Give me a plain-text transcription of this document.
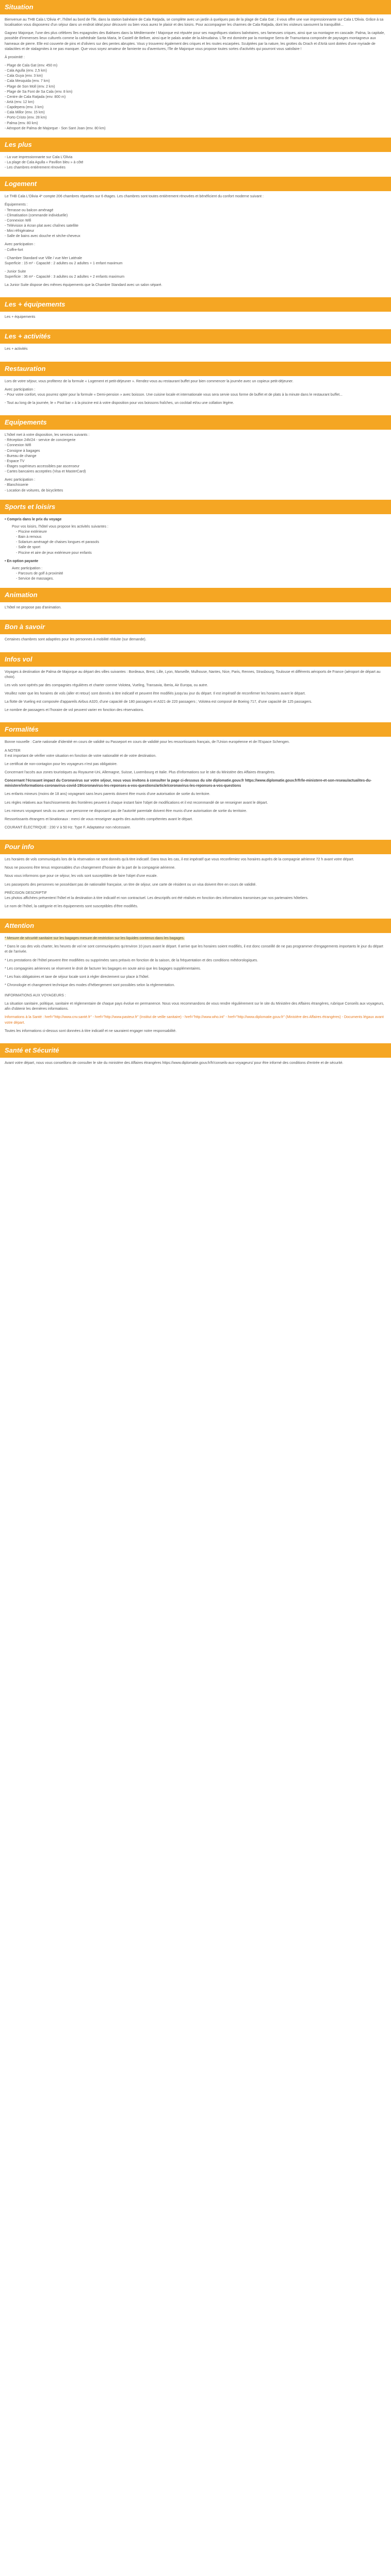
Situation

Bienvenue au THB Cala L'Olivia 4*, l'hôtel au bord de l'île, dans la station balnéaire de Cala Ratjada, se complète avec un jardin à quelques pas de la plage de Cala Gat ; il vous offre une vue impressionnante sur Cala L'Olivia. Grâce à sa localisation vous disposerez d'un séjour dans un endroit idéal pour découvrir ou bien vous aurez le plaisir et des loisirs. Pour accompagner les charmes de Cala Ratjada, dont les visiteurs savourent la tranquillité...

Gagnez Majorque, l'une des plus célèbres îles espagnoles des Baléares dans la Méditerranée ! Majorque est réputée pour ses magnifiques stations balnéaires, ses fameuses criques, ainsi que sa montagne en cascade. Palma, la capitale, possède d'immenses lieux culturels comme la cathédrale Santa Maria, le Castell de Bellver, ainsi que le palais arabe de la Almudaina. L'île est dominée par la montagne Serra de Tramuntana composée de paysages montagneux aux hameaux de pierre. Elle est couverte de pins et d'oliviers sur des pentes abruptes. Vous y trouverez également des criques et les routes escarpées. Sculptées par la nature, les grottes du Drach et d'Artà sont dotées d'une myriade de stalactites et de stalagmites à ne pas manquer. Que vous soyez amateur de farniente ou d'aventures, l'île de Majorque vous propose toutes sortes d'activités qui pourront vous satisfaire !

À proximité :

- Plage de Cala Gat (env. 450 m)
- Cala Agulla (env. 2,5 km)
- Cala Guya (env. 3 km)
- Cala Mesquida (env. 7 km)
- Plage de Son Moll (env. 2 km)
- Plage de Sa Font de Sa Cala (env. 8 km)
- Centre de Cala Ratjada (env. 800 m)
- Artà (env. 12 km)
- Capdepera (env. 3 km)
- Cala Millor (env. 15 km)
- Porto Cristo (env. 28 km)
- Palma (env. 80 km)
- Aéroport de Palma de Majorque - Son Sant Joan (env. 80 km)
Les plus
- La vue impressionnante sur Cala L'Olivia
- La plage de Cala Agulla « Pavillon bleu » à côté
- Les chambres entièrement rénovées
Logement

Le THB Cala L'Olivia 4* compte 206 chambres réparties sur 6 étages. Les chambres sont toutes entièrement rénovées et bénéficient du confort moderne suivant :

Équipements :

- Terrasse ou balcon aménagé
- Climatisation (commande individuelle)
- Connexion Wifi
- Télévision à écran plat avec chaînes satellite
- Mini réfrigérateur
- Salle de bains avec douche et sèche-cheveux

Avec participation :

- Coffre-fort
- Chambre Standard vue Ville / vue Mer Latérale
Superficie : 15 m² - Capacité : 2 adultes ou 2 adultes + 1 enfant maximum
- Junior Suite
Superficie : 36 m² - Capacité : 3 adultes ou 2 adultes + 2 enfants maximum

La Junior Suite dispose des mêmes équipements que la Chambre Standard avec un salon séparé.

Les + équipements

Les + équipements

Les + activités

Les + activités

Restauration

Lors de votre séjour, vous profiterez de la formule « Logement et petit-déjeuner ». Rendez-vous au restaurant buffet pour bien commencer la journée avec un copieux petit-déjeuner.

Avec participation :

- Pour votre confort, vous pourrez opter pour la formule « Demi-pension » avec boisson. Une cuisine locale et internationale vous sera servie sous forme de buffet et de plats à la minute dans le restaurant buffet...

- Tout au long de la journée, le « Pool bar » à la piscine est à votre disposition pour vos boissons fraîches, un cocktail et/ou une collation légère.

Equipements

L'hôtel met à votre disposition, les services suivants :

- Réception 24h/24 - service de conciergerie
- Connexion Wifi
- Consigne à bagages
- Bureau de change
- Espace TV
- Étages supérieurs accessibles par ascenseur
- Cartes bancaires acceptées (Visa et MasterCard)

Avec participation :

- Blanchisserie
- Location de voitures, de bicyclettes
Sports et loisirs
• Compris dans le prix du voyage
Pour vos loisirs, l'hôtel vous propose les activités suivantes :
- Piscine extérieure
- Bain à remous
- Solarium aménagé de chaises longues et parasols
- Salle de sport
- Piscine et aire de jeux extérieure pour enfants
• En option payante
Avec participation :
- Parcours de golf à proximité
- Service de massages.
Animation

L'hôtel ne propose pas d'animation.

Bon à savoir

Certaines chambres sont adaptées pour les personnes à mobilité réduite (sur demande).

Infos vol

Voyages à destination de Palma de Majorque au départ des villes suivantes : Bordeaux, Brest, Lille, Lyon, Marseille, Mulhouse, Nantes, Nice, Paris, Rennes, Strasbourg, Toulouse et différents aéroports de France (aéroport de départ au choix).

Les vols sont opérés par des compagnies régulières et charter comme Volotea, Vueling, Transavia, Iberia, Air Europa, ou autre.

Veuillez noter que les horaires de vols (aller et retour) sont donnés à titre indicatif et peuvent être modifiés jusqu'au jour du départ. Il est impératif de reconfirmer les horaires avant le départ.

La flotte de Vueling est composée d'appareils Airbus A320, d'une capacité de 180 passagers et A321 de 220 passagers ; Volotea est composé de Boeing 717, d'une capacité de 125 passagers.

Le nombre de passagers et l'horaire de vol peuvent varier en fonction des réservations.

Formalités

Bonne nouvelle : Carte nationale d'identité en cours de validité ou Passeport en cours de validité pour les ressortissants français, de l'Union européenne et de l'Espace Schengen.

A NOTER

Il est important de vérifier votre situation en fonction de votre nationalité et de votre destination.

Le certificat de non-contagion pour les voyageurs n'est pas obligatoire.

Concernant l'accès aux zones touristiques au Royaume-Uni, Allemagne, Suisse, Luxembourg et Italie. Plus d'informations sur le site du Ministère des Affaires étrangères.

Concernant l'écrasant impact du Coronavirus sur votre séjour, nous vous invitons à consulter la page ci-dessous du site diplomatie.gouv.fr https://www.diplomatie.gouv.fr/fr/le-ministere-et-son-reseau/actualites-du-ministere/informations-coronavirus-covid-19/coronavirus-les-reponses-a-vos-questions/article/coronavirus-les-reponses-a-vos-questions

Les enfants mineurs (moins de 18 ans) voyageant sans leurs parents doivent être munis d'une autorisation de sortie du territoire.

Les règles relatives aux franchissements des frontières peuvent à chaque instant faire l'objet de modifications et il est recommandé de se renseigner avant le départ.

Les mineurs voyageant seuls ou avec une personne ne disposant pas de l'autorité parentale doivent être munis d'une autorisation de sortie du territoire.

Ressortissants étrangers et binationaux : merci de vous renseigner auprès des autorités compétentes avant le départ.

COURANT ÉLECTRIQUE : 230 V à 50 Hz. Type F. Adaptateur non nécessaire.

Pour info

Les horaires de vols communiqués lors de la réservation ne sont donnés qu'à titre indicatif. Dans tous les cas, il est impératif que vous reconfirmiez vos horaires auprès de la compagnie aérienne 72 h avant votre départ.

Nous ne pouvons être tenus responsables d'un changement d'horaire de la part de la compagnie aérienne.

Nous vous informons que pour ce séjour, les vols sont susceptibles de faire l'objet d'une escale.

Les passeports des personnes ne possédant pas de nationalité française, un titre de séjour, une carte de résident ou un visa doivent être en cours de validité.

PRÉCISION DESCRIPTIF

Les photos affichées présentent l'hôtel et la destination à titre indicatif et non contractuel. Les descriptifs ont été réalisés en fonction des informations transmises par nos partenaires hôteliers.

Le nom de l'hôtel, la catégorie et les équipements sont susceptibles d'être modifiés.

Attention

* Mesure de sécurité sanitaire sur les bagages mesure de restriction sur les liquides contenus dans les bagages.

* Dans le cas des vols charter, les heures de vol ne sont communiquées qu'environ 10 jours avant le départ. Il arrive que les horaires soient modifiés, il est donc conseillé de ne pas programmer d'engagements importants le jour du départ et de l'arrivée.

* Les prestations de l'hôtel peuvent être modifiées ou supprimées sans préavis en fonction de la saison, de la fréquentation et des conditions météorologiques.

* Les compagnies aériennes se réservent le droit de facturer les bagages en soute ainsi que les bagages supplémentaires.

* Les frais obligatoires et taxe de séjour locale sont à régler directement sur place à l'hôtel.

* Chronologie et changement technique des modes d'hébergement sont possibles selon la réglementation.

INFORMATIONS AUX VOYAGEURS :

La situation sanitaire, politique, sanitaire et réglementaire de chaque pays évolue en permanence. Nous vous recommandons de vous rendre régulièrement sur le site du Ministère des Affaires étrangères, rubrique Conseils aux voyageurs, afin d'obtenir les dernières informations.

Informations à la Santé : href="http://www.cnv.santé.fr" - href="http://www.pasteur.fr" (Institut de veille sanitaire) - href="http://www.who.int" - href="http://www.diplomatie.gouv.fr" (Ministère des Affaires étrangères) - Documents légaux avant votre départ.

Toutes les informations ci-dessus sont données à titre indicatif et ne sauraient engager notre responsabilité.

Santé et Sécurité

Avant votre départ, nous vous conseillons de consulter le site du ministère des Affaires étrangères https://www.diplomatie.gouv.fr/fr/conseils-aux-voyageurs/ pour être informé des conditions d'entrée et de sécurité.
